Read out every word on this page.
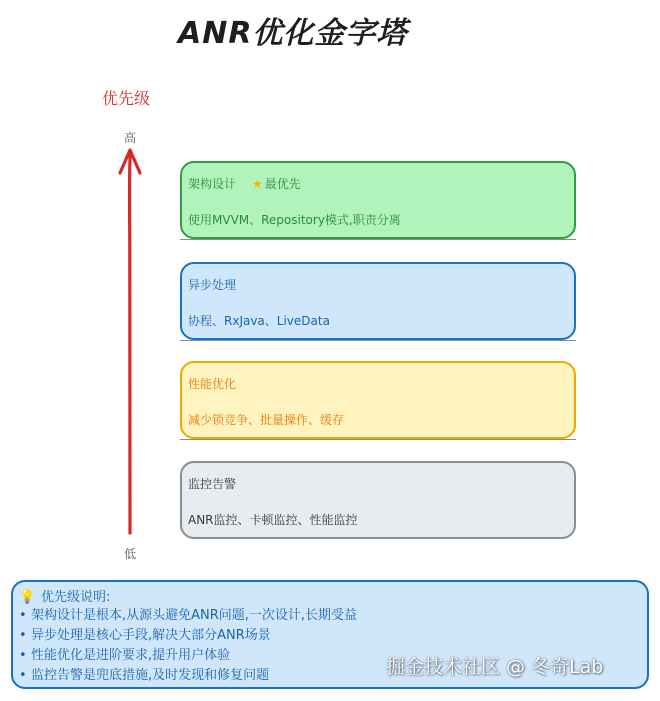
ANR优化金字塔
优先级
高
低
架构设计 ★ 最优先
使用MVVM、Repository模式,职责分离
异步处理
协程、RxJava、LiveData
性能优化
减少锁竞争、批量操作、缓存
监控告警
ANR监控、卡顿监控、性能监控
💡 优先级说明:
• 架构设计是根本,从源头避免ANR问题,一次设计,长期受益
• 异步处理是核心手段,解决大部分ANR场景
• 性能优化是进阶要求,提升用户体验
• 监控告警是兜底措施,及时发现和修复问题	掘金技术社区 @ 冬奇Lab
